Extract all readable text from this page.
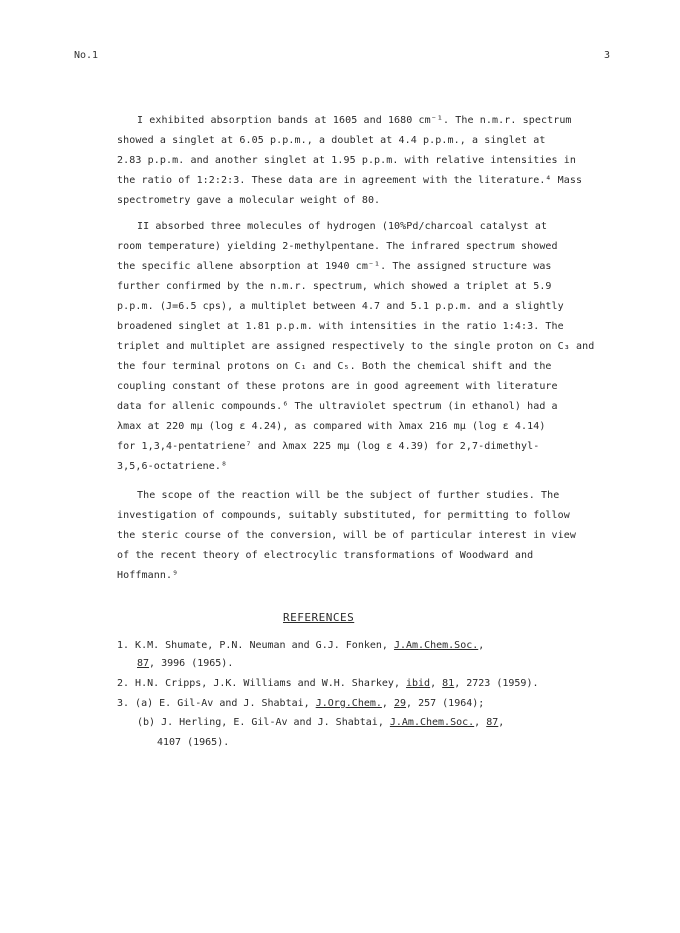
No.1	3
I exhibited absorption bands at 1605 and 1680 cm⁻¹. The n.m.r. spectrum
showed a singlet at 6.05 p.p.m., a doublet at 4.4 p.p.m., a singlet at
2.83 p.p.m. and another singlet at 1.95 p.p.m. with relative intensities in
the ratio of 1:2:2:3. These data are in agreement with the literature.⁴ Mass
spectrometry gave a molecular weight of 80.
II absorbed three molecules of hydrogen (10%Pd/charcoal catalyst at
room temperature) yielding 2-methylpentane. The infrared spectrum showed
the specific allene absorption at 1940 cm⁻¹. The assigned structure was
further confirmed by the n.m.r. spectrum, which showed a triplet at 5.9
p.p.m. (J=6.5 cps), a multiplet between 4.7 and 5.1 p.p.m. and a slightly
broadened singlet at 1.81 p.p.m. with intensities in the ratio 1:4:3. The
triplet and multiplet are assigned respectively to the single proton on C₃ and
the four terminal protons on C₁ and C₅. Both the chemical shift and the
coupling constant of these protons are in good agreement with literature
data for allenic compounds.⁶ The ultraviolet spectrum (in ethanol) had a
λmax at 220 mμ (log ε 4.24), as compared with λmax 216 mμ (log ε 4.14)
for 1,3,4-pentatriene⁷ and λmax 225 mμ (log ε 4.39) for 2,7-dimethyl-
3,5,6-octatriene.⁸
The scope of the reaction will be the subject of further studies. The
investigation of compounds, suitably substituted, for permitting to follow
the steric course of the conversion, will be of particular interest in view
of the recent theory of electrocylic transformations of Woodward and
Hoffmann.⁹
REFERENCES
1. K.M. Shumate, P.N. Neuman and G.J. Fonken, J.Am.Chem.Soc.,
87, 3996 (1965).
2. H.N. Cripps, J.K. Williams and W.H. Sharkey, ibid, 81, 2723 (1959).
3. (a) E. Gil-Av and J. Shabtai, J.Org.Chem., 29, 257 (1964);
(b) J. Herling, E. Gil-Av and J. Shabtai, J.Am.Chem.Soc., 87,
4107 (1965).
